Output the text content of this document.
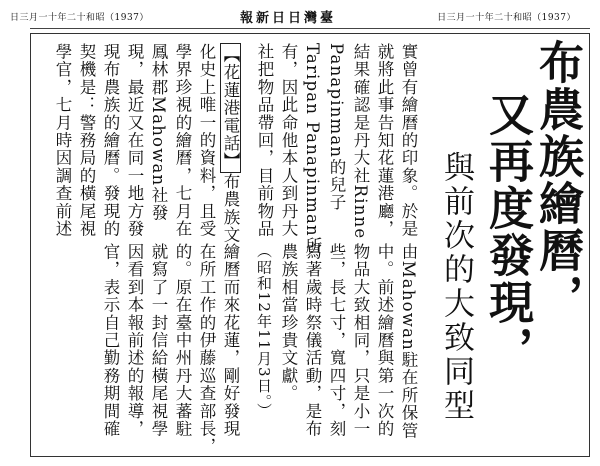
日三月一十年二十和昭（1937）	報新日日灣臺	日三月一十年二十和昭（1937）
布農族繪曆，
又再度發現，
與前次的大致同型
實曾有繪曆的印象。於是
就將此事告知花蓮港廳，
結果確認是丹大社Rinne
Panapinman的兒子
Taripan Panapinman所
有，因此命他本人到丹大
社把物品帶回，目前物品
【花蓮港電話】布農族文
化史上唯一的資料，且受
學界珍視的繪曆，七月在
鳳林郡Mahowan社發
現，最近又在同一地方發
現布農族的繪曆。發現的
契機是：警務局的橫尾視
學官，七月時因調查前述
由Mahowan駐在所保管
中。前述繪曆與第一次的
物品大致相同，只是小一
些，長七寸，寬四寸，刻
寫著歲時祭儀活動，是布
農族相當珍貴文獻。
（昭和12年11月3日。）
繪曆而來花蓮，剛好發現
在所工作的伊藤巡查部長，
的。原在臺中州丹大蕃駐
就寫了一封信給橫尾視學
因看到本報前述的報導，
官，表示自己勤務期間確
